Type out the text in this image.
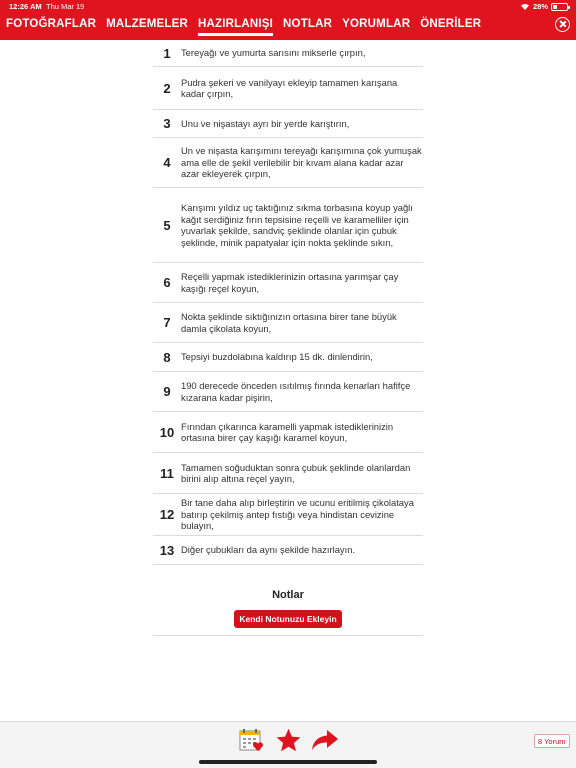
12:26 AM Thu Mar 19	28%
FOTOĞRAFLAR MALZEMELER HAZIRLANIŞI NOTLAR YORUMLAR ÖNERİLER
1	Tereyağı ve yumurta sarısını mikserle çırpın,
2	Pudra şekeri ve vanilyayı ekleyip tamamen karışana kadar çırpın,
3	Unu ve nişastayı ayrı bir yerde karıştırın,
4
Un ve nişasta karışımını tereyağı karışımına çok yumuşak ama elle de şekil verilebilir bir kıvam alana kadar azar azar ekleyerek çırpın,
5
Karışımı yıldız uç taktığınız sıkma torbasına koyup yağlı kağıt serdiğiniz fırın tepsisine reçelli ve karamelliler için yuvarlak şekilde, sandviç şeklinde olanlar için çubuk şeklinde, minik papatyalar için nokta şeklinde sıkın,
6	Reçelli yapmak istediklerinizin ortasına yarımşar çay kaşığı reçel koyun,
7	Nokta şeklinde sıktığınızın ortasına birer tane büyük damla çikolata koyun,
8	Tepsiyi buzdolabına kaldırıp 15 dk. dinlendirin,
9	190 derecede önceden ısıtılmış fırında kenarları hafifçe kızarana kadar pişirin,
10 Fırından çıkarınca karamelli yapmak istediklerinizin ortasına birer çay kaşığı karamel koyun,
11 Tamamen soğuduktan sonra çubuk şeklinde olanlardan birini alıp altına reçel yayın,
12
Bir tane daha alıp birleştirin ve ucunu eritilmiş çikolataya batırıp çekilmiş antep fıstığı veya hindistan cevizine bulayın,
13 Diğer çubukları da aynı şekilde hazırlayın.
Notlar
Kendi Notunuzu Ekleyin
8 Yorum
